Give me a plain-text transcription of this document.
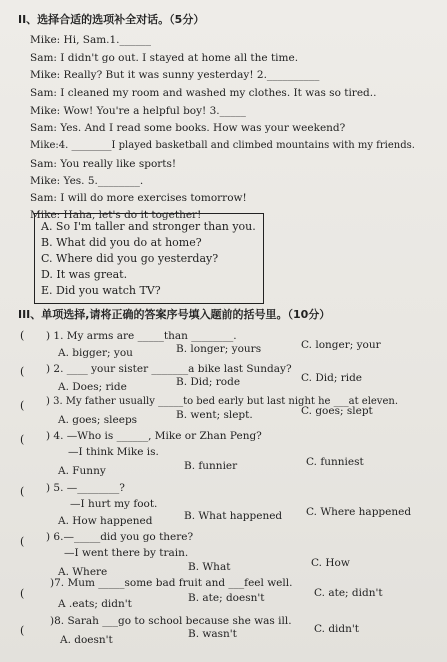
II、选择合适的选项补全对话。（5分）
Mike: Hi, Sam.1.______
Sam: I didn't go out. I stayed at home all the time.
Mike: Really? But it was sunny yesterday! 2.__________
Sam: I cleaned my room and washed my clothes. It was so tired..
Mike: Wow! You're a helpful boy! 3._____
Sam: Yes. And I read some books. How was your weekend?
Mike:4. ________I played basketball and climbed mountains with my friends.
Sam: You really like sports!
Mike: Yes. 5.________.
Sam: I will do more exercises tomorrow!
Mike: Haha, let's do it together!
A. So I'm taller and stronger than you.
B. What did you do at home?
C. Where did you go yesterday?
D. It was great.
E. Did you watch TV?
III、单项选择,请将正确的答案序号填入题前的括号里。（10分）
( ) 1. My arms are _____than ________.
A. bigger; you	B. longer; yours	C. longer; your
( ) 2. ____ your sister _______a bike last Sunday?
A. Does; ride	B. Did; rode	C. Did; ride
( ) 3. My father usually _____to bed early but last night he ___at eleven.
A. goes; sleeps	B. went; slept.	C. goes; slept
( ) 4. —Who is ______, Mike or Zhan Peng?
—I think Mike is.
A. Funny	B. funnier	C. funniest
( ) 5. —________?
—I hurt my foot.
A. How happened	B. What happened C. Where happened
( ) 6.—_____did you go there?
—I went there by train.
A. Where	B. What	C. How
(
)7. Mum _____some bad fruit and ___feel well.
A .eats; didn't	B. ate; doesn't	C. ate; didn't
(
)8. Sarah ___go to school because she was ill.
A. doesn't	B. wasn't	C. didn't
